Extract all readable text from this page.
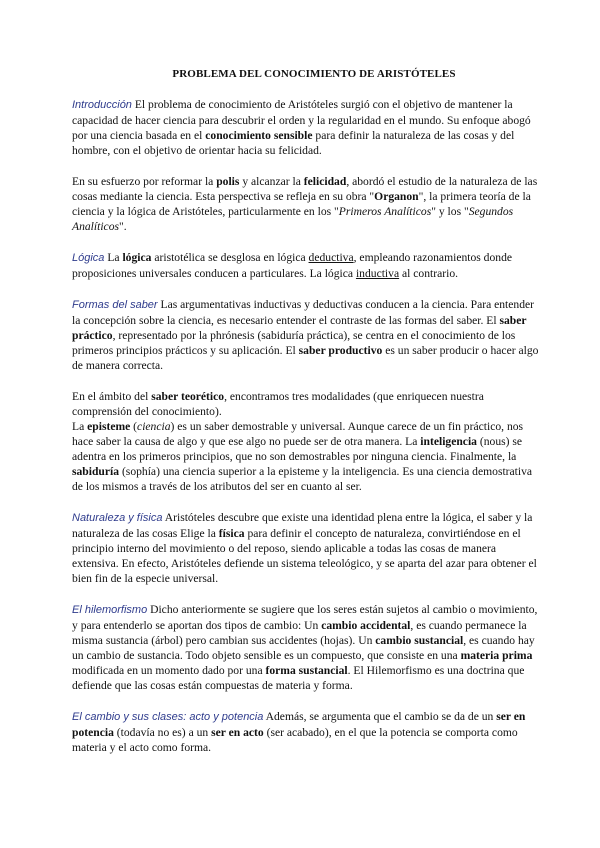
PROBLEMA DEL CONOCIMIENTO DE ARISTÓTELES

Introducción El problema de conocimiento de Aristóteles surgió con el objetivo de mantener la capacidad de hacer ciencia para descubrir el orden y la regularidad en el mundo. Su enfoque abogó por una ciencia basada en el conocimiento sensible para definir la naturaleza de las cosas y del hombre, con el objetivo de orientar hacia su felicidad.

En su esfuerzo por reformar la polis y alcanzar la felicidad, abordó el estudio de la naturaleza de las cosas mediante la ciencia. Esta perspectiva se refleja en su obra "Organon", la primera teoría de la ciencia y la lógica de Aristóteles, particularmente en los "Primeros Analíticos" y los "Segundos Analíticos".

Lógica La lógica aristotélica se desglosa en lógica deductiva, empleando razonamientos donde proposiciones universales conducen a particulares. La lógica inductiva al contrario.

Formas del saber Las argumentativas inductivas y deductivas conducen a la ciencia. Para entender la concepción sobre la ciencia, es necesario entender el contraste de las formas del saber. El saber práctico, representado por la phrónesis (sabiduría práctica), se centra en el conocimiento de los primeros principios prácticos y su aplicación. El saber productivo es un saber producir o hacer algo de manera correcta.

En el ámbito del saber teorético, encontramos tres modalidades (que enriquecen nuestra comprensión del conocimiento).

La episteme (ciencia) es un saber demostrable y universal. Aunque carece de un fin práctico, nos hace saber la causa de algo y que ese algo no puede ser de otra manera. La inteligencia (nous) se adentra en los primeros principios, que no son demostrables por ninguna ciencia. Finalmente, la sabiduría (sophía) una ciencia superior a la episteme y la inteligencia. Es una ciencia demostrativa de los mismos a través de los atributos del ser en cuanto al ser.

Naturaleza y física Aristóteles descubre que existe una identidad plena entre la lógica, el saber y la naturaleza de las cosas Elige la física para definir el concepto de naturaleza, convirtiéndose en el principio interno del movimiento o del reposo, siendo aplicable a todas las cosas de manera extensiva. En efecto, Aristóteles defiende un sistema teleológico, y se aparta del azar para obtener el bien fin de la especie universal.

El hilemorfismo Dicho anteriormente se sugiere que los seres están sujetos al cambio o movimiento, y para entenderlo se aportan dos tipos de cambio: Un cambio accidental, es cuando permanece la misma sustancia (árbol) pero cambian sus accidentes (hojas). Un cambio sustancial, es cuando hay un cambio de sustancia. Todo objeto sensible es un compuesto, que consiste en una materia prima modificada en un momento dado por una forma sustancial. El Hilemorfismo es una doctrina que defiende que las cosas están compuestas de materia y forma.

El cambio y sus clases: acto y potencia Además, se argumenta que el cambio se da de un ser en potencia (todavía no es) a un ser en acto (ser acabado), en el que la potencia se comporta como materia y el acto como forma.
